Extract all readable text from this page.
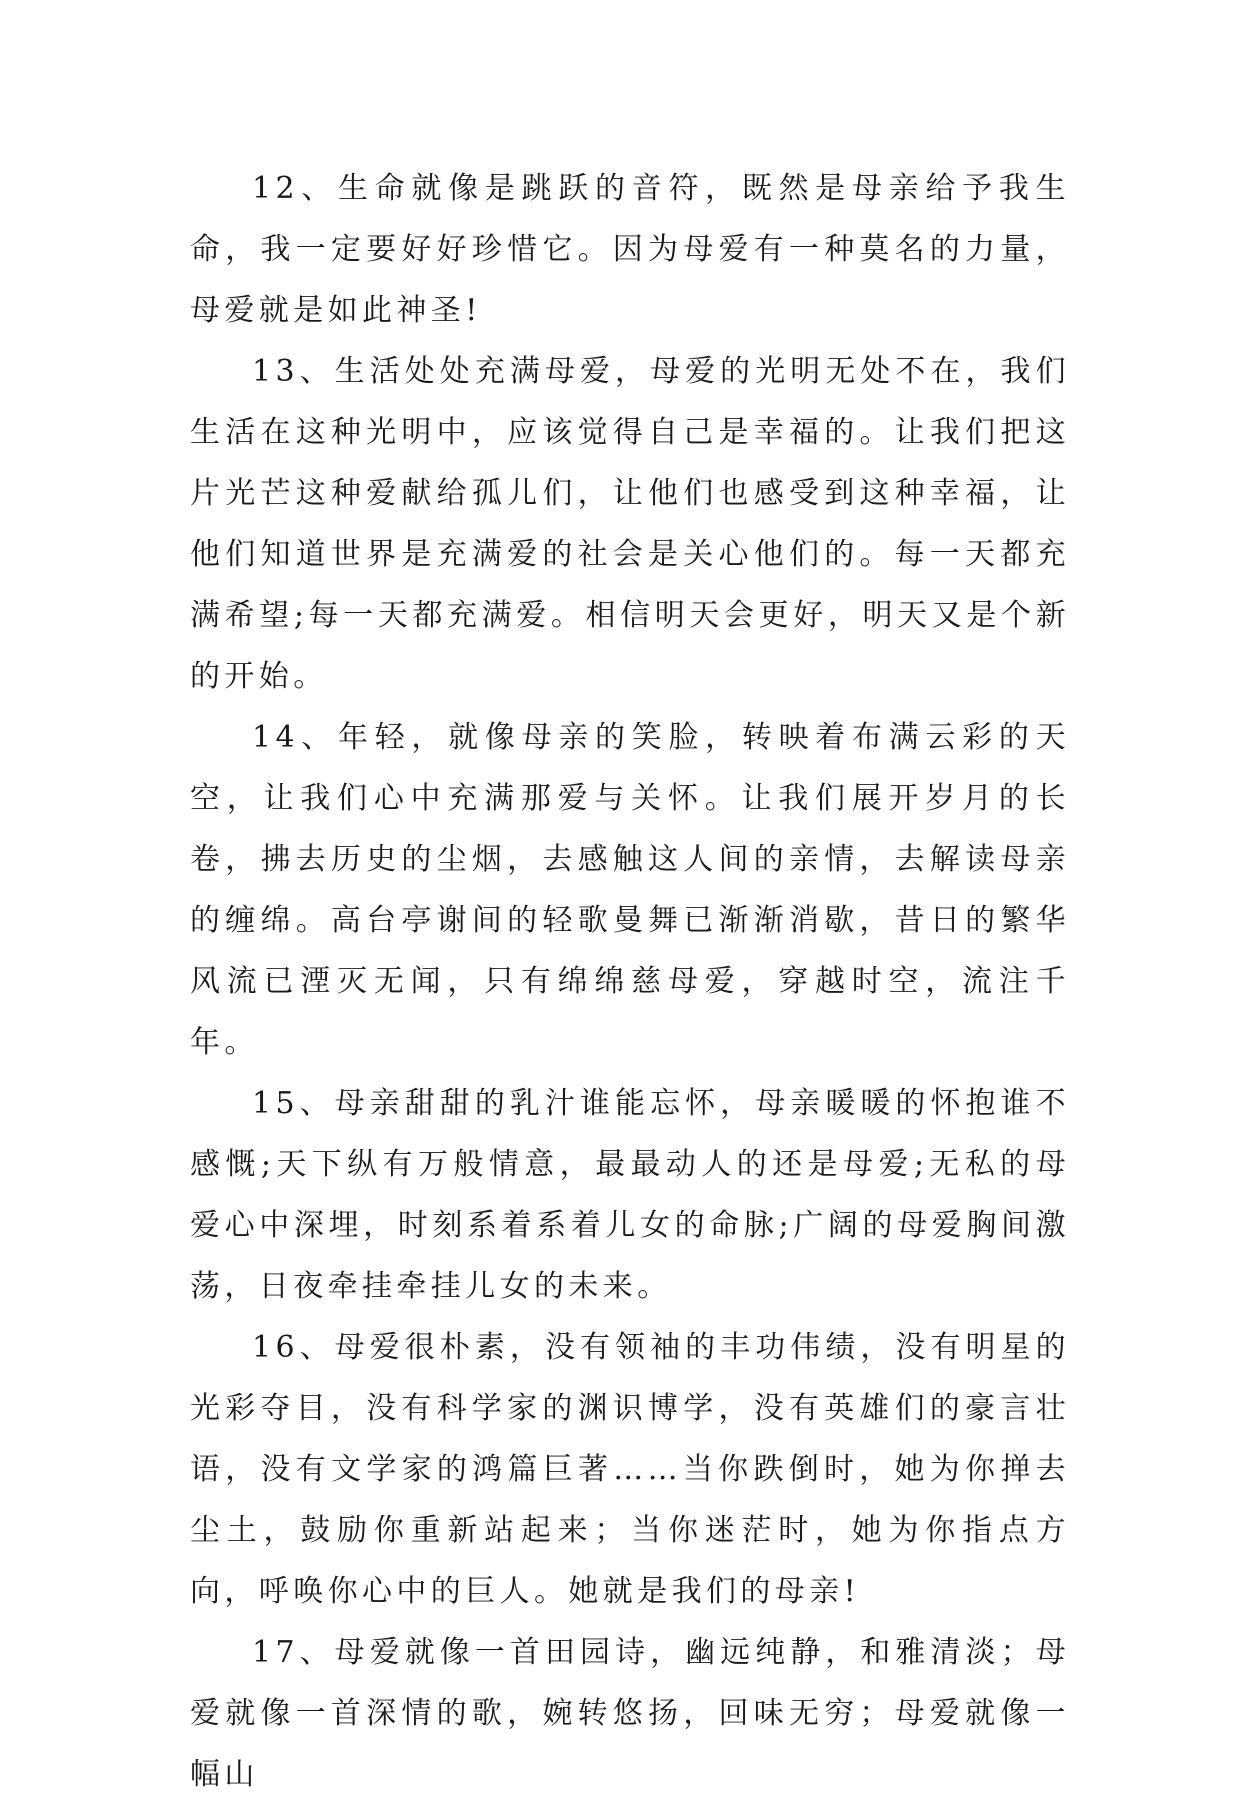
12、生命就像是跳跃的音符，既然是母亲给予我生命，我一定要好好珍惜它。因为母爱有一种莫名的力量，母爱就是如此神圣!

13、生活处处充满母爱，母爱的光明无处不在，我们生活在这种光明中，应该觉得自己是幸福的。让我们把这片光芒这种爱献给孤儿们，让他们也感受到这种幸福，让他们知道世界是充满爱的社会是关心他们的。每一天都充满希望;每一天都充满爱。相信明天会更好，明天又是个新的开始。

14、年轻，就像母亲的笑脸，转映着布满云彩的天空，让我们心中充满那爱与关怀。让我们展开岁月的长卷，拂去历史的尘烟，去感触这人间的亲情，去解读母亲的缠绵。高台亭谢间的轻歌曼舞已渐渐消歇，昔日的繁华风流已湮灭无闻，只有绵绵慈母爱，穿越时空，流注千年。

15、母亲甜甜的乳汁谁能忘怀，母亲暖暖的怀抱谁不感慨;天下纵有万般情意，最最动人的还是母爱;无私的母爱心中深埋，时刻系着系着儿女的命脉;广阔的母爱胸间激荡，日夜牵挂牵挂儿女的未来。

16、母爱很朴素，没有领袖的丰功伟绩，没有明星的光彩夺目，没有科学家的渊识博学，没有英雄们的豪言壮语，没有文学家的鸿篇巨著……当你跌倒时，她为你掸去尘土，鼓励你重新站起来；当你迷茫时，她为你指点方向，呼唤你心中的巨人。她就是我们的母亲!

17、母爱就像一首田园诗，幽远纯静，和雅清淡；母爱就像一首深情的歌，婉转悠扬，回味无穷；母爱就像一幅山
